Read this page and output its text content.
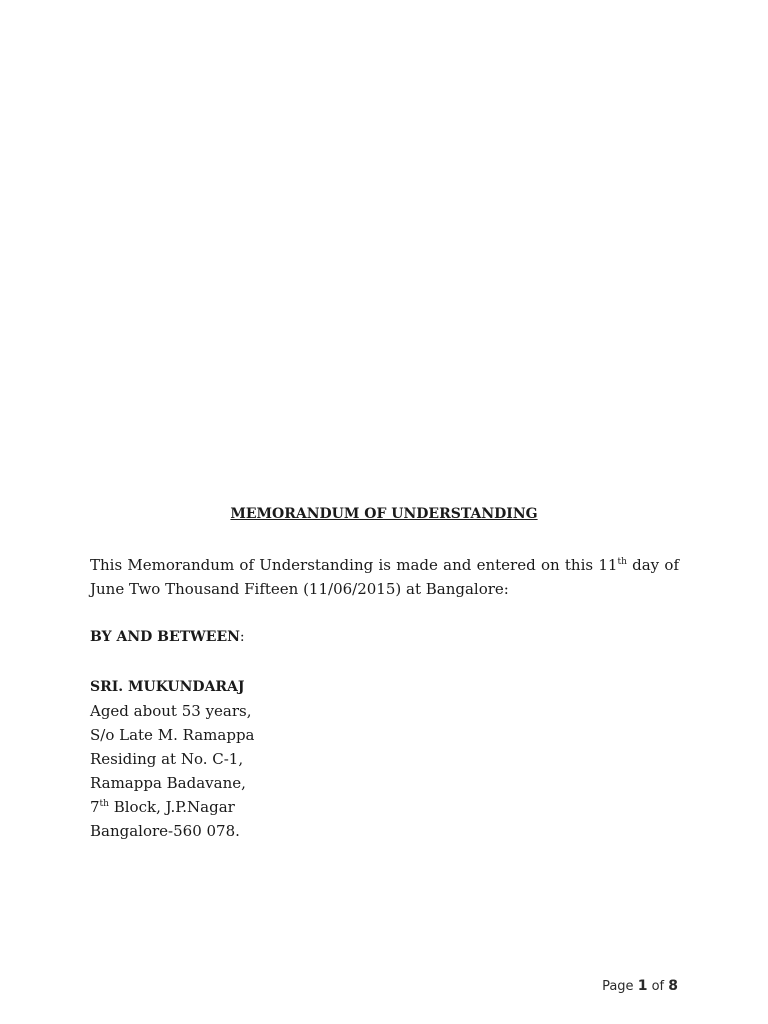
MEMORANDUM OF UNDERSTANDING
This Memorandum of Understanding is made and entered on this 11th day of
June Two Thousand Fifteen (11/06/2015) at Bangalore:
BY AND BETWEEN:
SRI. MUKUNDARAJ
Aged about 53 years,
S/o Late M. Ramappa
Residing at No. C-1,
Ramappa Badavane,
7th Block, J.P.Nagar
Bangalore-560 078.
Page 1 of 8
